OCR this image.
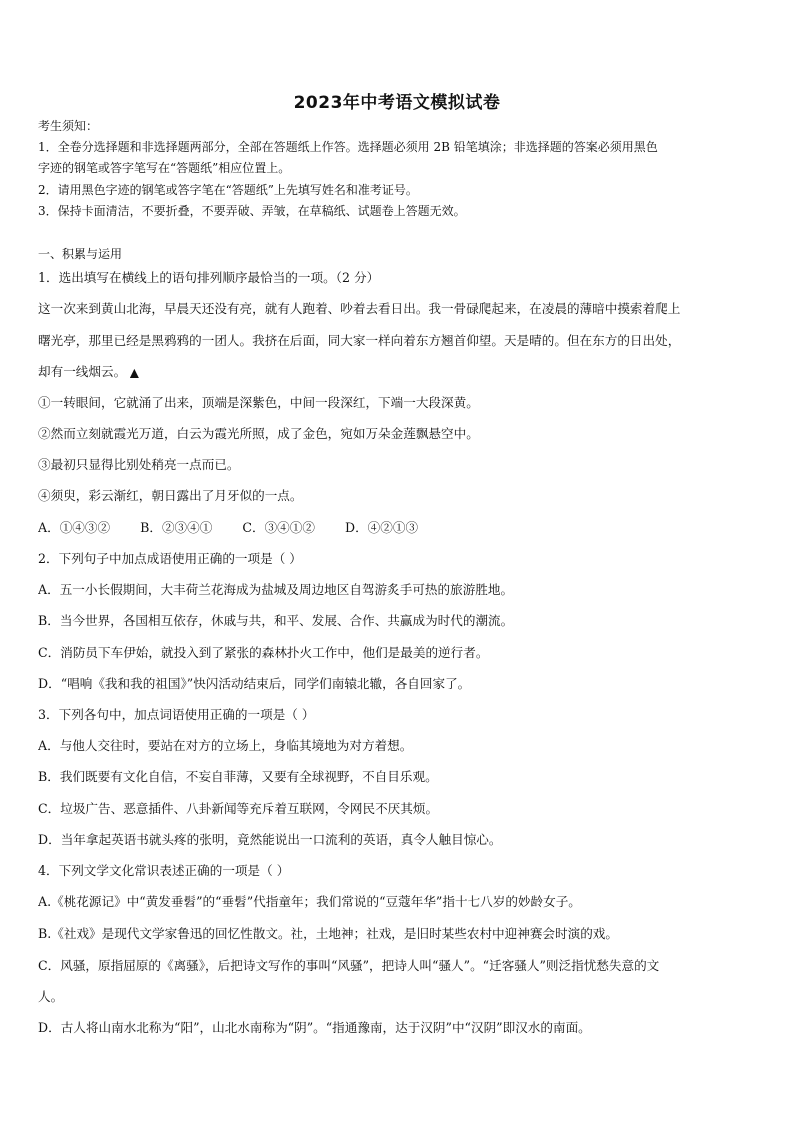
2023年中考语文模拟试卷
考生须知：
1．全卷分选择题和非选择题两部分，全部在答题纸上作答。选择题必须用 2B 铅笔填涂；非选择题的答案必须用黑色
字迹的钢笔或答字笔写在“答题纸”相应位置上。
2．请用黑色字迹的钢笔或答字笔在“答题纸”上先填写姓名和准考证号。
3．保持卡面清洁，不要折叠，不要弄破、弄皱，在草稿纸、试题卷上答题无效。
一、积累与运用
1．选出填写在横线上的语句排列顺序最恰当的一项。（2 分）
这一次来到黄山北海，早晨天还没有亮，就有人跑着、吵着去看日出。我一骨碌爬起来，在凌晨的薄暗中摸索着爬上
曙光亭，那里已经是黑鸦鸦的一团人。我挤在后面，同大家一样向着东方翘首仰望。天是晴的。但在东方的日出处，
却有一线烟云。 ▲
①一转眼间，它就涌了出来，顶端是深紫色，中间一段深红，下端一大段深黄。
②然而立刻就霞光万道，白云为霞光所照，成了金色，宛如万朵金莲飘悬空中。
③最初只显得比别处稍亮一点而已。
④须臾，彩云渐红，朝日露出了月牙似的一点。
A．①④③② B．②③④① C．③④①② D．④②①③
2．下列句子中加点成语使用正确的一项是（ ）
A．五一小长假期间，大丰荷兰花海成为盐城及周边地区自驾游炙手可热的旅游胜地。
B．当今世界，各国相互依存，休戚与共，和平、发展、合作、共赢成为时代的潮流。
C．消防员下车伊始，就投入到了紧张的森林扑火工作中，他们是最美的逆行者。
D．“唱响《我和我的祖国》”快闪活动结束后，同学们南辕北辙，各自回家了。
3．下列各句中，加点词语使用正确的一项是（ ）
A．与他人交往时，要站在对方的立场上，身临其境地为对方着想。
B．我们既要有文化自信，不妄自菲薄，又要有全球视野，不自目乐观。
C．垃圾广告、恶意插件、八卦新闻等充斥着互联网，令网民不厌其烦。
D．当年拿起英语书就头疼的张明，竟然能说出一口流利的英语，真令人触目惊心。
4．下列文学文化常识表述正确的一项是（ ）
A.《桃花源记》中“黄发垂髫”的“垂髫”代指童年；我们常说的“豆蔻年华”指十七八岁的妙龄女子。
B.《社戏》是现代文学家鲁迅的回忆性散文。社，土地神；社戏，是旧时某些农村中迎神赛会时演的戏。
C．风骚，原指屈原的《离骚》，后把诗文写作的事叫“风骚”，把诗人叫“骚人”。“迁客骚人”则泛指忧愁失意的文
人。
D．古人将山南水北称为“阳”，山北水南称为“阴”。“指通豫南，达于汉阴”中“汉阴”即汉水的南面。
